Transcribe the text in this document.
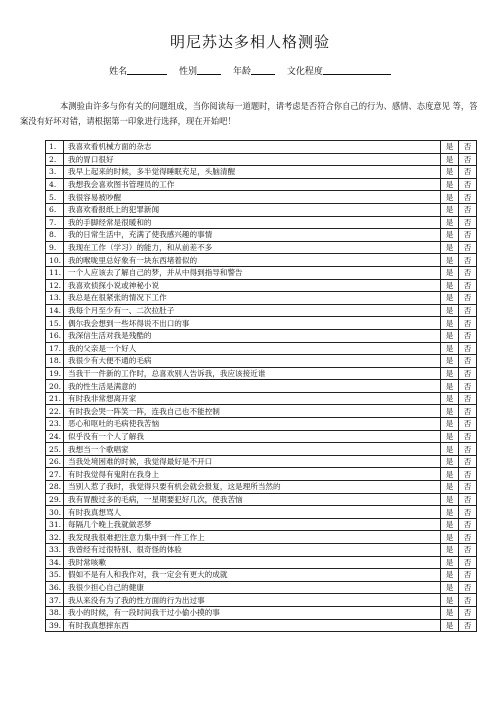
明尼苏达多相人格测验
姓名	性别	年龄	文化程度
本测验由许多与你有关的问题组成，当你阅读每一道题时，请考虑是否符合你自己的行为、感情、态度意见 等，答案没有好坏对错，请根据第一印象进行选择，现在开始吧！
1.	我喜欢看机械方面的杂志	是	否
2.	我的胃口很好	是	否
3.	我早上起来的时候，多半觉得睡眠充足，头脑清醒	是	否
4.	我想我会喜欢图书管理员的工作	是	否
5.	我很容易被吵醒	是	否
6.	我喜欢看报纸上的犯罪新闻	是	否
7.	我的手脚经常是很暖和的	是	否
8.	我的日常生活中，充满了使我感兴趣的事情	是	否
9.	我现在工作（学习）的能力，和从前差不多	是	否
10.	我的喉咙里总好象有一块东西堵着似的	是	否
11.	一个人应该去了解自己的梦，并从中得到指导和警告	是	否
12.	我喜欢侦探小说或神秘小说	是	否
13.	我总是在很紧张的情况下工作	是	否
14.	我每个月至少有一、二次拉肚子	是	否
15.	偶尔我会想到一些坏得说不出口的事	是	否
16.	我深信生活对我是残酷的	是	否
17.	我的父亲是一个好人	是	否
18.	我很少有大便不通的毛病	是	否
19.	当我干一件新的工作时，总喜欢别人告诉我，我应该接近谁	是	否
20.	我的性生活是满意的	是	否
21.	有时我非常想离开家	是	否
22.	有时我会哭一阵笑一阵，连我自己也不能控制	是	否
23.	恶心和呕吐的毛病使我苦恼	是	否
24.	似乎没有一个人了解我	是	否
25.	我想当一个歌唱家	是	否
26.	当我处境困难的时候，我觉得最好是不开口	是	否
27.	有时我觉得有鬼附在我身上	是	否
28.	当别人惹了我时，我觉得只要有机会就会报复，这是理所当然的	是	否
29.	我有胃酸过多的毛病，一星期要犯好几次，使我苦恼	是	否
30.	有时我真想骂人	是	否
31.	每隔几个晚上我就做恶梦	是	否
32.	我发现我很难把注意力集中到一件工作上	是	否
33.	我曾经有过很特别、很奇怪的体验	是	否
34.	我时常咳嗽	是	否
35.	假如不是有人和我作对，我一定会有更大的成就	是	否
36.	我很少担心自己的健康	是	否
37.	我从来没有为了我的性方面的行为出过事	是	否
38.	我小的时候，有一段时间我干过小偷小摸的事	是	否
39.	有时我真想摔东西	是	否
